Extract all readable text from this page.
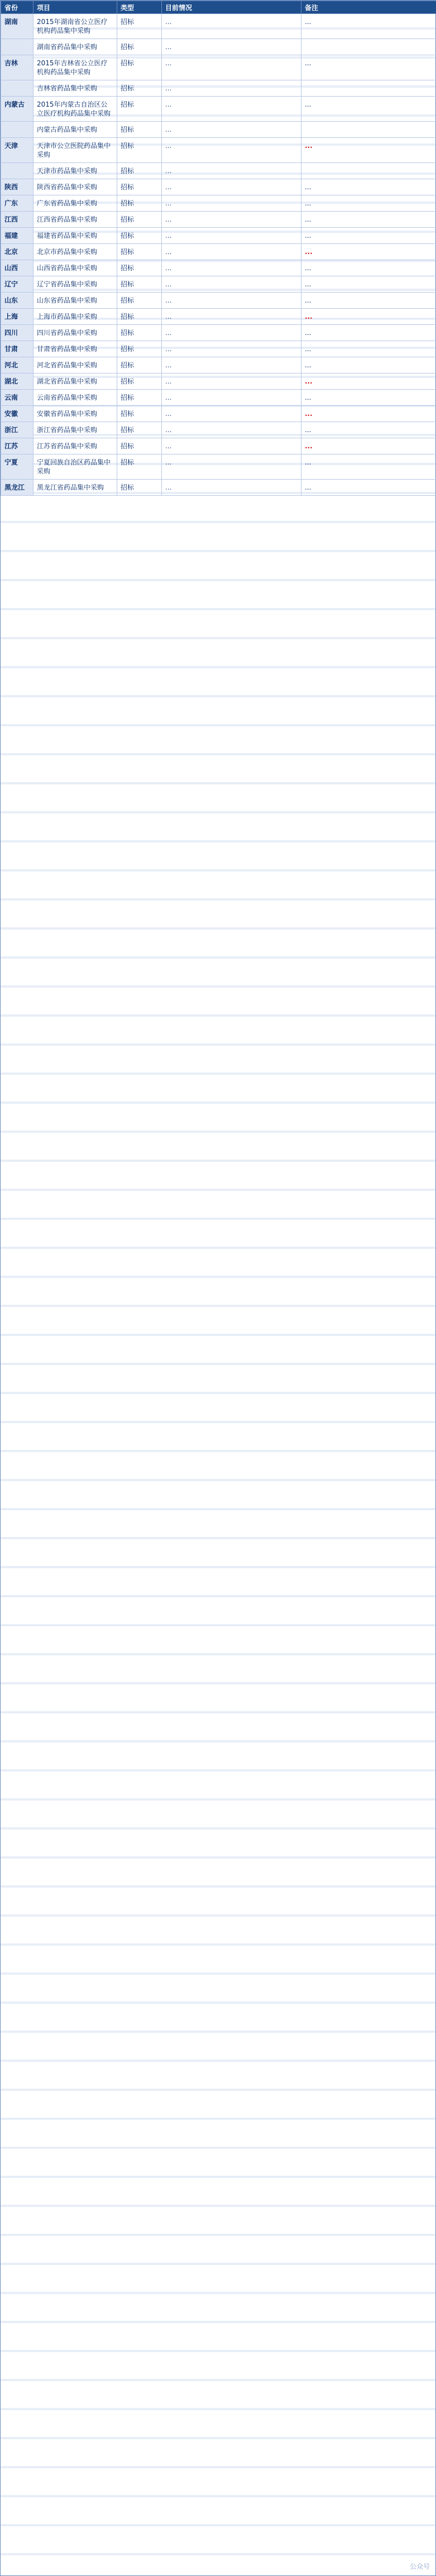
省份	项目	类型	目前情况	备注
湖南	2015年湖南省公立医疗机构药品集中采购	招标	...	...
	湖南省药品集中采购	招标	...	
吉林	2015年吉林省公立医疗机构药品集中采购	招标	...	...
	吉林省药品集中采购	招标	...	
内蒙古	2015年内蒙古自治区公立医疗机构药品集中采购	招标	...	...
	内蒙古药品集中采购	招标	...	
天津	天津市公立医院药品集中采购	招标	...	...
	天津市药品集中采购	招标	...	
陕西	陕西省药品集中采购	招标	...	...
广东	广东省药品集中采购	招标	...	...
江西	江西省药品集中采购	招标	...	...
福建	福建省药品集中采购	招标	...	...
北京	北京市药品集中采购	招标	...	...
山西	山西省药品集中采购	招标	...	...
辽宁	辽宁省药品集中采购	招标	...	...
山东	山东省药品集中采购	招标	...	...
上海	上海市药品集中采购	招标	...	...
四川	四川省药品集中采购	招标	...	...
甘肃	甘肃省药品集中采购	招标	...	...
河北	河北省药品集中采购	招标	...	...
湖北	湖北省药品集中采购	招标	...	...
云南	云南省药品集中采购	招标	...	...
安徽	安徽省药品集中采购	招标	...	...
浙江	浙江省药品集中采购	招标	...	...
江苏	江苏省药品集中采购	招标	...	...
宁夏	宁夏回族自治区药品集中采购	招标	...	...
黑龙江	黑龙江省药品集中采购	招标	...	...
公众号
